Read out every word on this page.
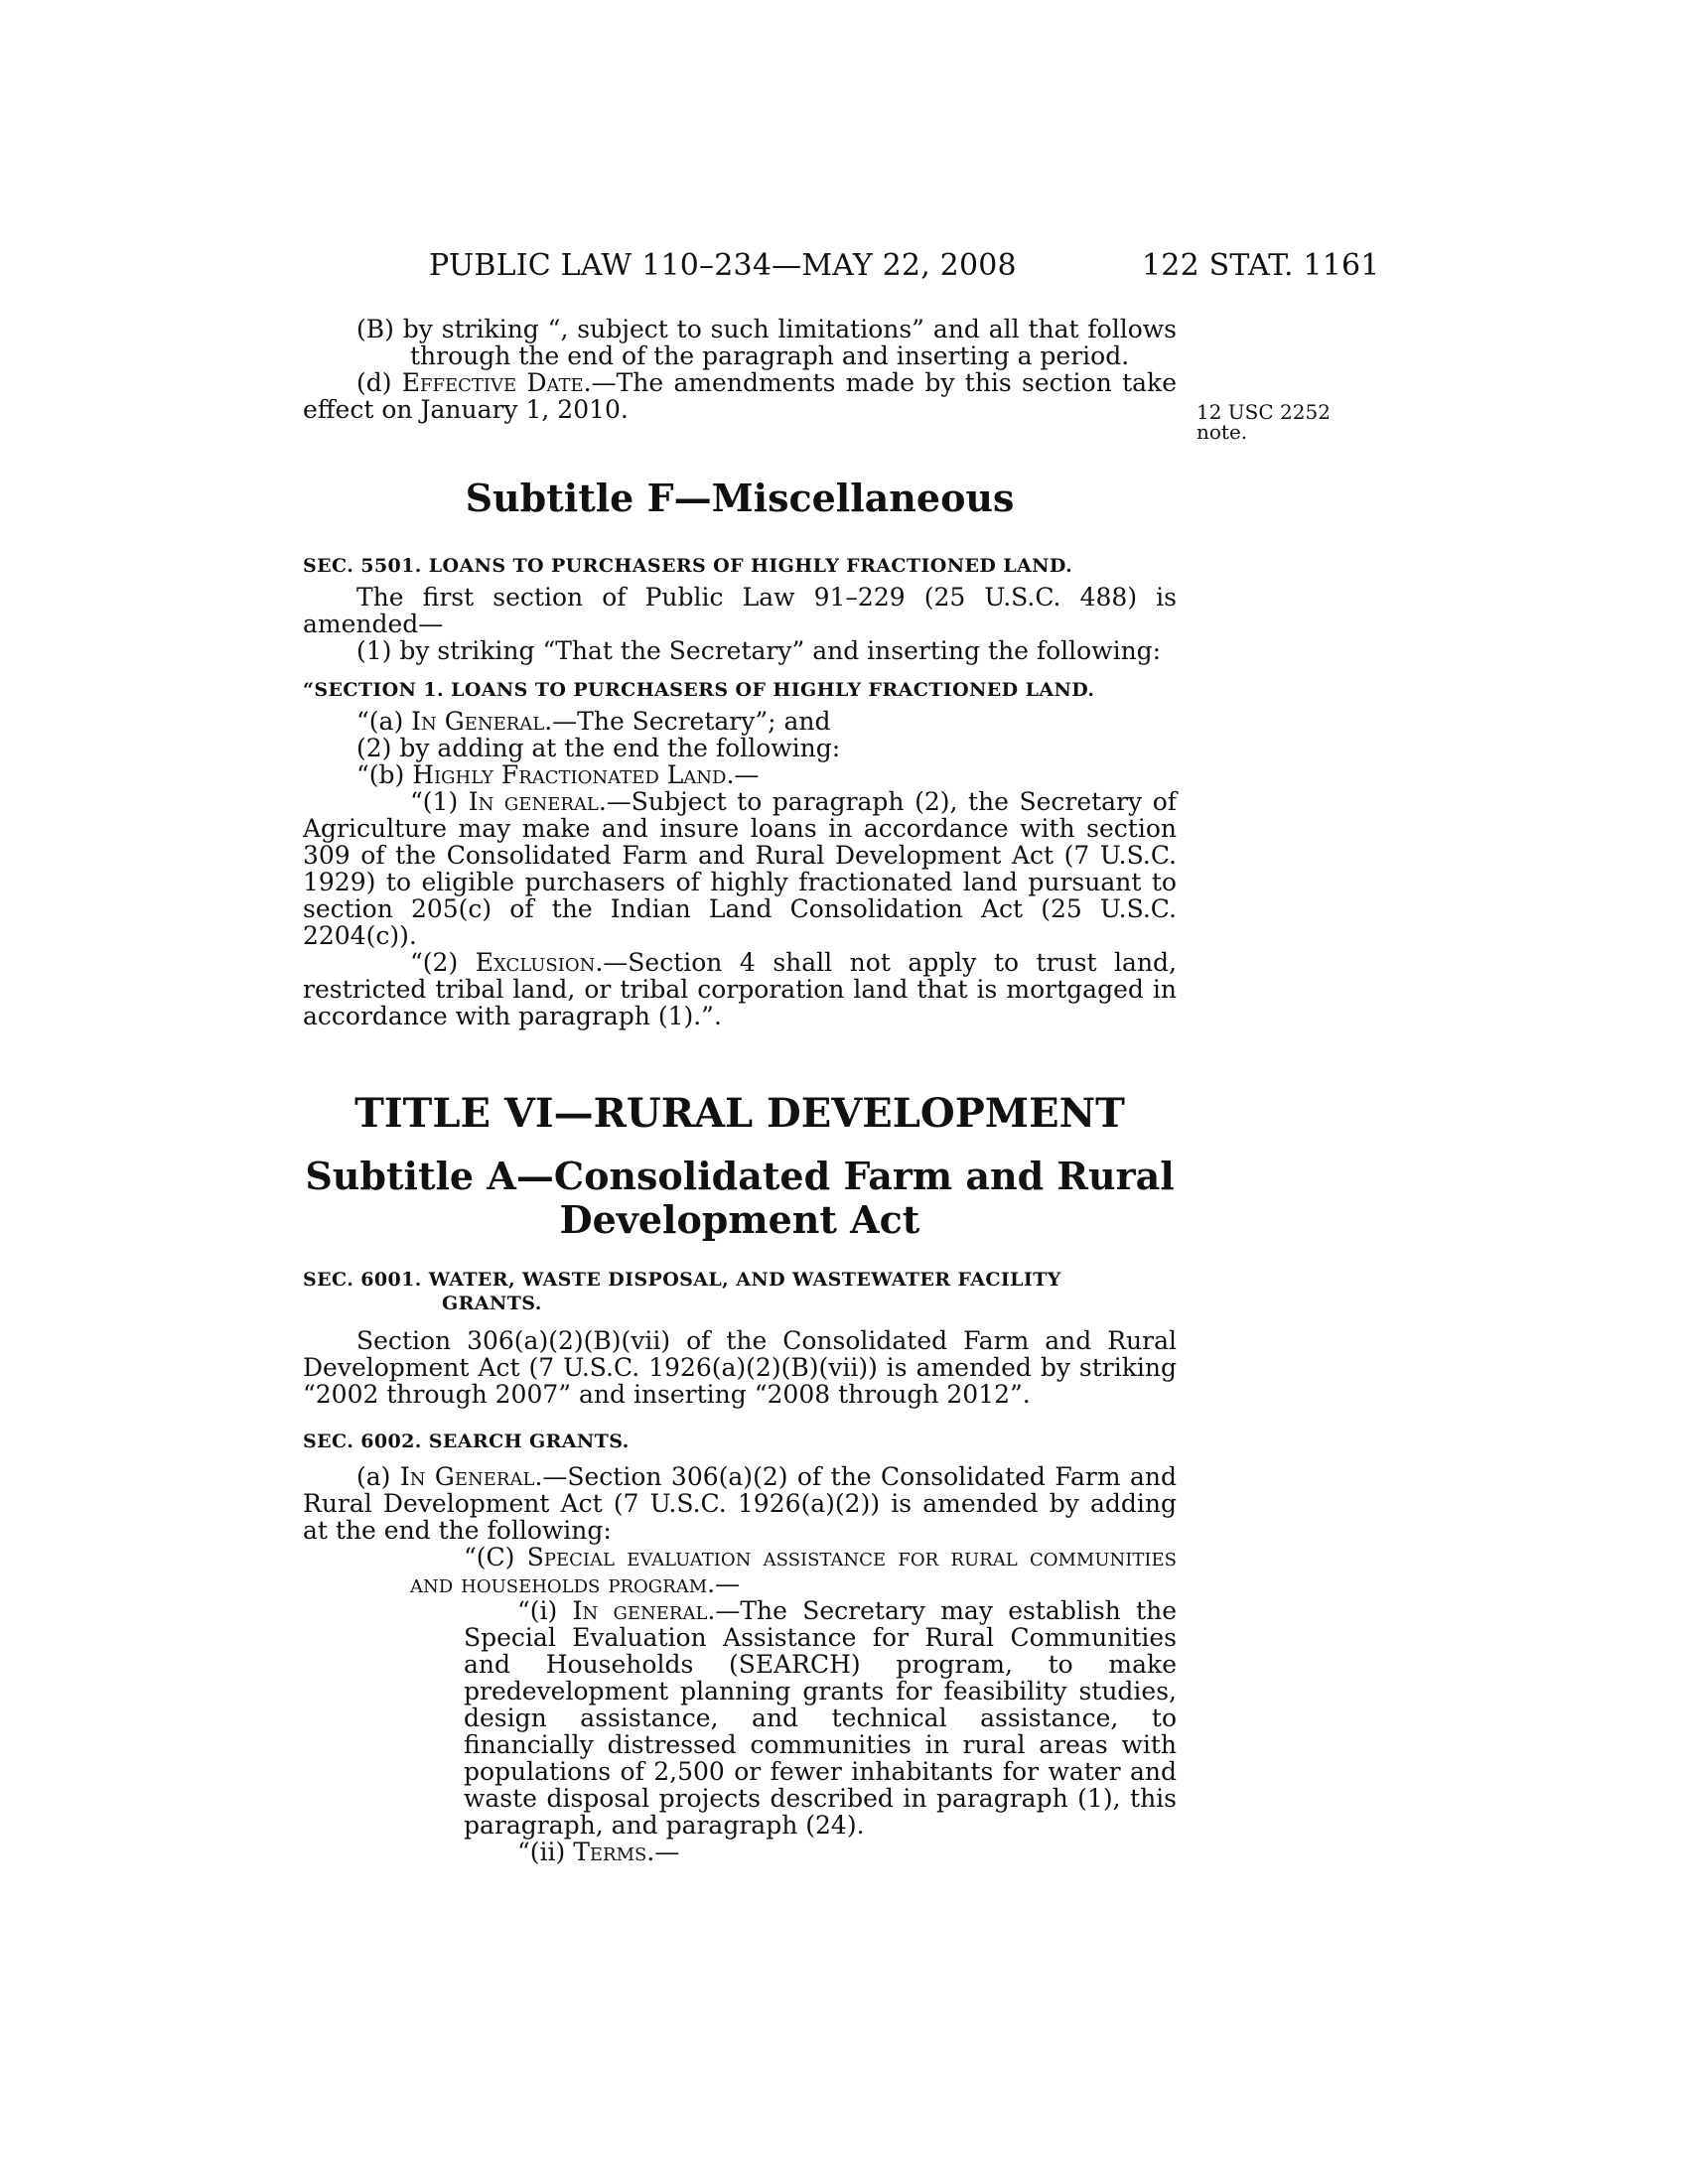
PUBLIC LAW 110–234—MAY 22, 2008	122 STAT. 1161
12 USC 2252
note.

(B) by striking “, subject to such limitations” and all that follows through the end of the paragraph and inserting a period.

(d) Effective Date.—The amendments made by this section take effect on January 1, 2010.

Subtitle F—Miscellaneous

SEC. 5501. LOANS TO PURCHASERS OF HIGHLY FRACTIONED LAND.

The first section of Public Law 91–229 (25 U.S.C. 488) is amended—

(1) by striking “That the Secretary” and inserting the following:

“SECTION 1. LOANS TO PURCHASERS OF HIGHLY FRACTIONED LAND.

“(a) In General.—The Secretary”; and

(2) by adding at the end the following:

“(b) Highly Fractionated Land.—

“(1) In general.—Subject to paragraph (2), the Secretary of Agriculture may make and insure loans in accordance with section 309 of the Consolidated Farm and Rural Development Act (7 U.S.C. 1929) to eligible purchasers of highly fractionated land pursuant to section 205(c) of the Indian Land Consolidation Act (25 U.S.C. 2204(c)).

“(2) Exclusion.—Section 4 shall not apply to trust land, restricted tribal land, or tribal corporation land that is mortgaged in accordance with paragraph (1).”.

TITLE VI—RURAL DEVELOPMENT

Subtitle A—Consolidated Farm and Rural

Development Act

SEC. 6001. WATER, WASTE DISPOSAL, AND WASTEWATER FACILITY

GRANTS.

Section 306(a)(2)(B)(vii) of the Consolidated Farm and Rural Development Act (7 U.S.C. 1926(a)(2)(B)(vii)) is amended by striking “2002 through 2007” and inserting “2008 through 2012”.

SEC. 6002. SEARCH GRANTS.

(a) In General.—Section 306(a)(2) of the Consolidated Farm and Rural Development Act (7 U.S.C. 1926(a)(2)) is amended by adding at the end the following:

“(C) Special evaluation assistance for rural communities and households program.—

“(i) In general.—The Secretary may establish the Special Evaluation Assistance for Rural Communities and Households (SEARCH) program, to make predevelopment planning grants for feasibility studies, design assistance, and technical assistance, to financially distressed communities in rural areas with populations of 2,500 or fewer inhabitants for water and waste disposal projects described in paragraph (1), this paragraph, and paragraph (24).

“(ii) Terms.—
